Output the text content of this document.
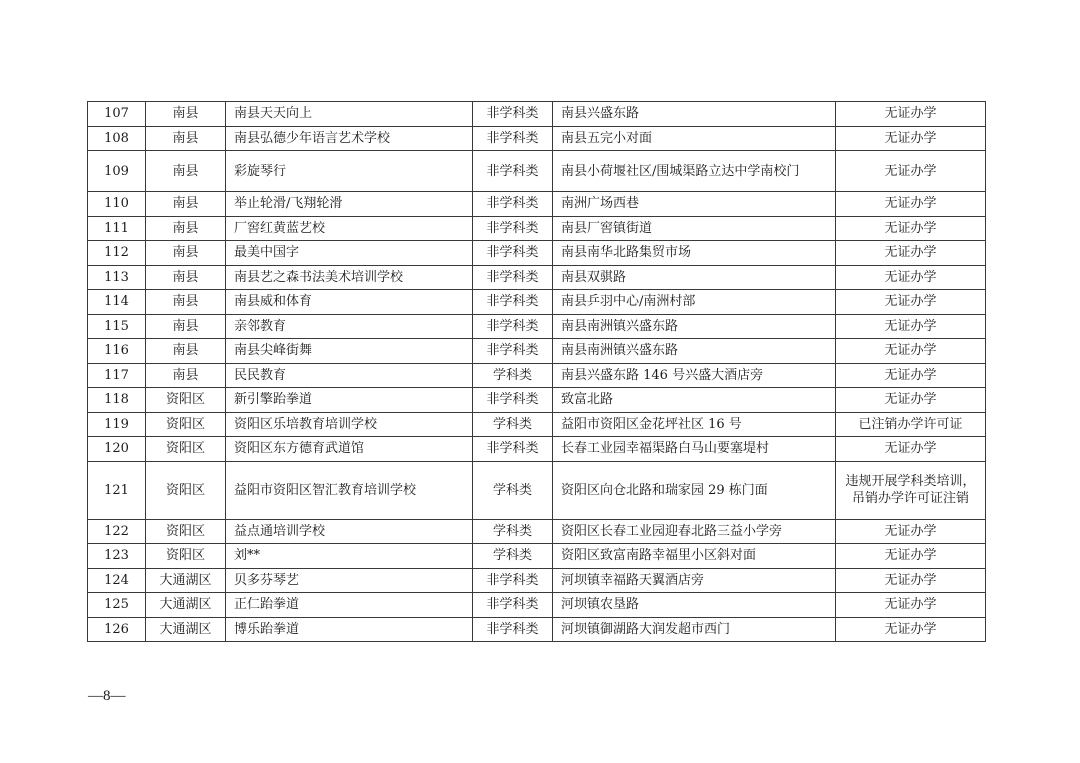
107	南县	南县天天向上	非学科类	南县兴盛东路	无证办学
108	南县	南县弘德少年语言艺术学校	非学科类	南县五完小对面	无证办学
109	南县	彩旋琴行	非学科类	南县小荷堰社区/围城渠路立达中学南校门	无证办学
110	南县	举止轮滑/飞翔轮滑	非学科类	南洲广场西巷	无证办学
111	南县	厂窖红黄蓝艺校	非学科类	南县厂窖镇街道	无证办学
112	南县	最美中国字	非学科类	南县南华北路集贸市场	无证办学
113	南县	南县艺之森书法美术培训学校	非学科类	南县双骐路	无证办学
114	南县	南县威和体育	非学科类	南县乒羽中心/南洲村部	无证办学
115	南县	亲邻教育	非学科类	南县南洲镇兴盛东路	无证办学
116	南县	南县尖峰街舞	非学科类	南县南洲镇兴盛东路	无证办学
117	南县	民民教育	学科类	南县兴盛东路 146 号兴盛大酒店旁	无证办学
118	资阳区	新引擎跆拳道	非学科类	致富北路	无证办学
119	资阳区	资阳区乐培教育培训学校	学科类	益阳市资阳区金花坪社区 16 号	已注销办学许可证
120	资阳区	资阳区东方德育武道馆	非学科类	长春工业园幸福渠路白马山要塞堤村	无证办学
121	资阳区	益阳市资阳区智汇教育培训学校	学科类	资阳区向仓北路和瑞家园 29 栋门面	违规开展学科类培训，吊销办学许可证注销
122	资阳区	益点通培训学校	学科类	资阳区长春工业园迎春北路三益小学旁	无证办学
123	资阳区	刘**	学科类	资阳区致富南路幸福里小区斜对面	无证办学
124	大通湖区	贝多芬琴艺	非学科类	河坝镇幸福路天翼酒店旁	无证办学
125	大通湖区	正仁跆拳道	非学科类	河坝镇农垦路	无证办学
126	大通湖区	博乐跆拳道	非学科类	河坝镇御湖路大润发超市西门	无证办学
—8—
